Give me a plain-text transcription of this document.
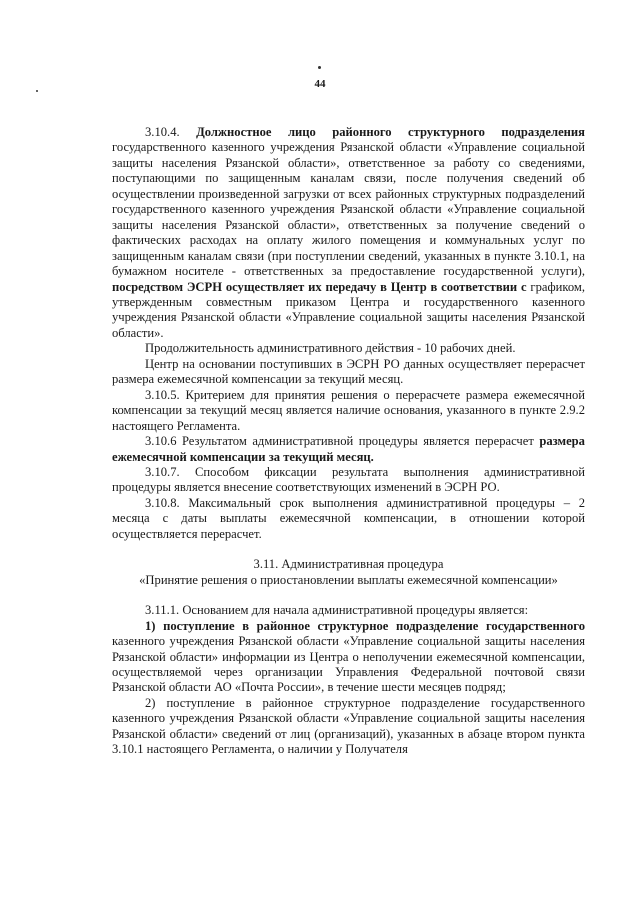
44

3.10.4. Должностное лицо районного структурного подразделения государственного казенного учреждения Рязанской области «Управление социальной защиты населения Рязанской области», ответственное за работу со сведениями, поступающими по защищенным каналам связи, после получения сведений об осуществлении произведенной загрузки от всех районных структурных подразделений государственного казенного учреждения Рязанской области «Управление социальной защиты населения Рязанской области», ответственных за получение сведений о фактических расходах на оплату жилого помещения и коммунальных услуг по защищенным каналам связи (при поступлении сведений, указанных в пункте 3.10.1, на бумажном носителе - ответственных за предоставление государственной услуги), посредством ЭСРН осуществляет их передачу в Центр в соответствии с графиком, утвержденным совместным приказом Центра и государственного казенного учреждения Рязанской области «Управление социальной защиты населения Рязанской области».

Продолжительность административного действия - 10 рабочих дней.

Центр на основании поступивших в ЭСРН РО данных осуществляет перерасчет размера ежемесячной компенсации за текущий месяц.

3.10.5. Критерием для принятия решения о перерасчете размера ежемесячной компенсации за текущий месяц является наличие основания, указанного в пункте 2.9.2 настоящего Регламента.

3.10.6 Результатом административной процедуры является перерасчет размера ежемесячной компенсации за текущий месяц.

3.10.7. Способом фиксации результата выполнения административной процедуры является внесение соответствующих изменений в ЭСРН РО.

3.10.8. Максимальный срок выполнения административной процедуры – 2 месяца с даты выплаты ежемесячной компенсации, в отношении которой осуществляется перерасчет.

3.11. Административная процедура

«Принятие решения о приостановлении выплаты ежемесячной компенсации»

3.11.1. Основанием для начала административной процедуры является:

1) поступление в районное структурное подразделение государственного казенного учреждения Рязанской области «Управление социальной защиты населения Рязанской области» информации из Центра о неполучении ежемесячной компенсации, осуществляемой через организации Управления Федеральной почтовой связи Рязанской области АО «Почта России», в течение шести месяцев подряд;

2) поступление в районное структурное подразделение государственного казенного учреждения Рязанской области «Управление социальной защиты населения Рязанской области» сведений от лиц (организаций), указанных в абзаце втором пункта 3.10.1 настоящего Регламента, о наличии у Получателя
